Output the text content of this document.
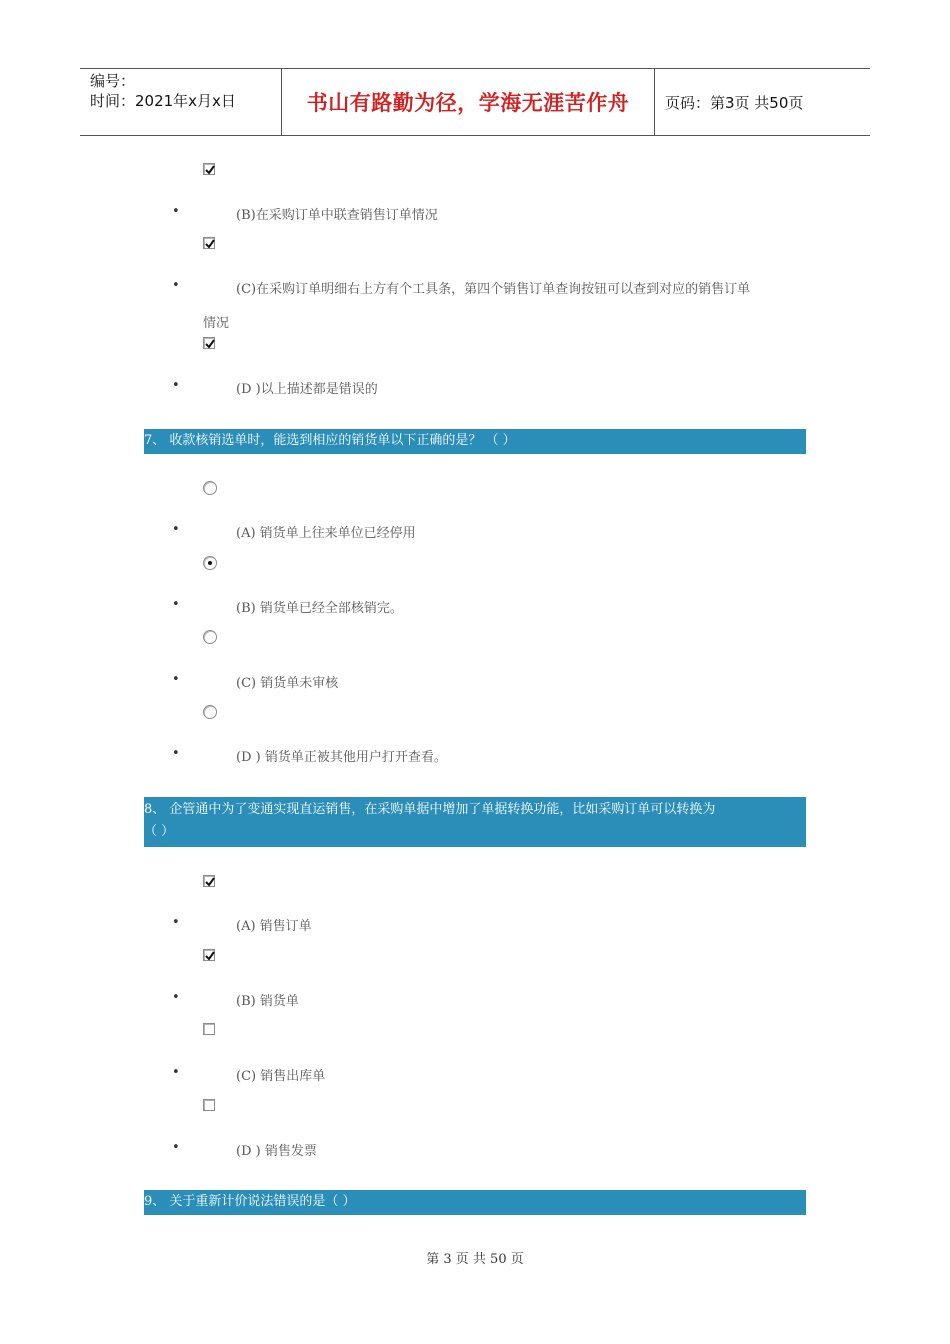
编号：
时间：2021年x月x日	书山有路勤为径，学海无涯苦作舟	页码：第3页 共50页
•	(B)在采购订单中联查销售订单情况
•	(C)在采购订单明细右上方有个工具条，第四个销售订单查询按钮可以查到对应的销售订单
情况
•	(D )以上描述都是错误的
7、 收款核销选单时，能选到相应的销货单以下正确的是？ （ ）
•	(A) 销货单上往来单位已经停用
•	(B) 销货单已经全部核销完。
•	(C) 销货单未审核
•	(D ) 销货单正被其他用户打开查看。
8、 企管通中为了变通实现直运销售，在采购单据中增加了单据转换功能，比如采购订单可以转换为
（ ）
•	(A) 销售订单
•	(B) 销货单
•	(C) 销售出库单
•	(D ) 销售发票
9、 关于重新计价说法错误的是（ ）
第 3 页 共 50 页
